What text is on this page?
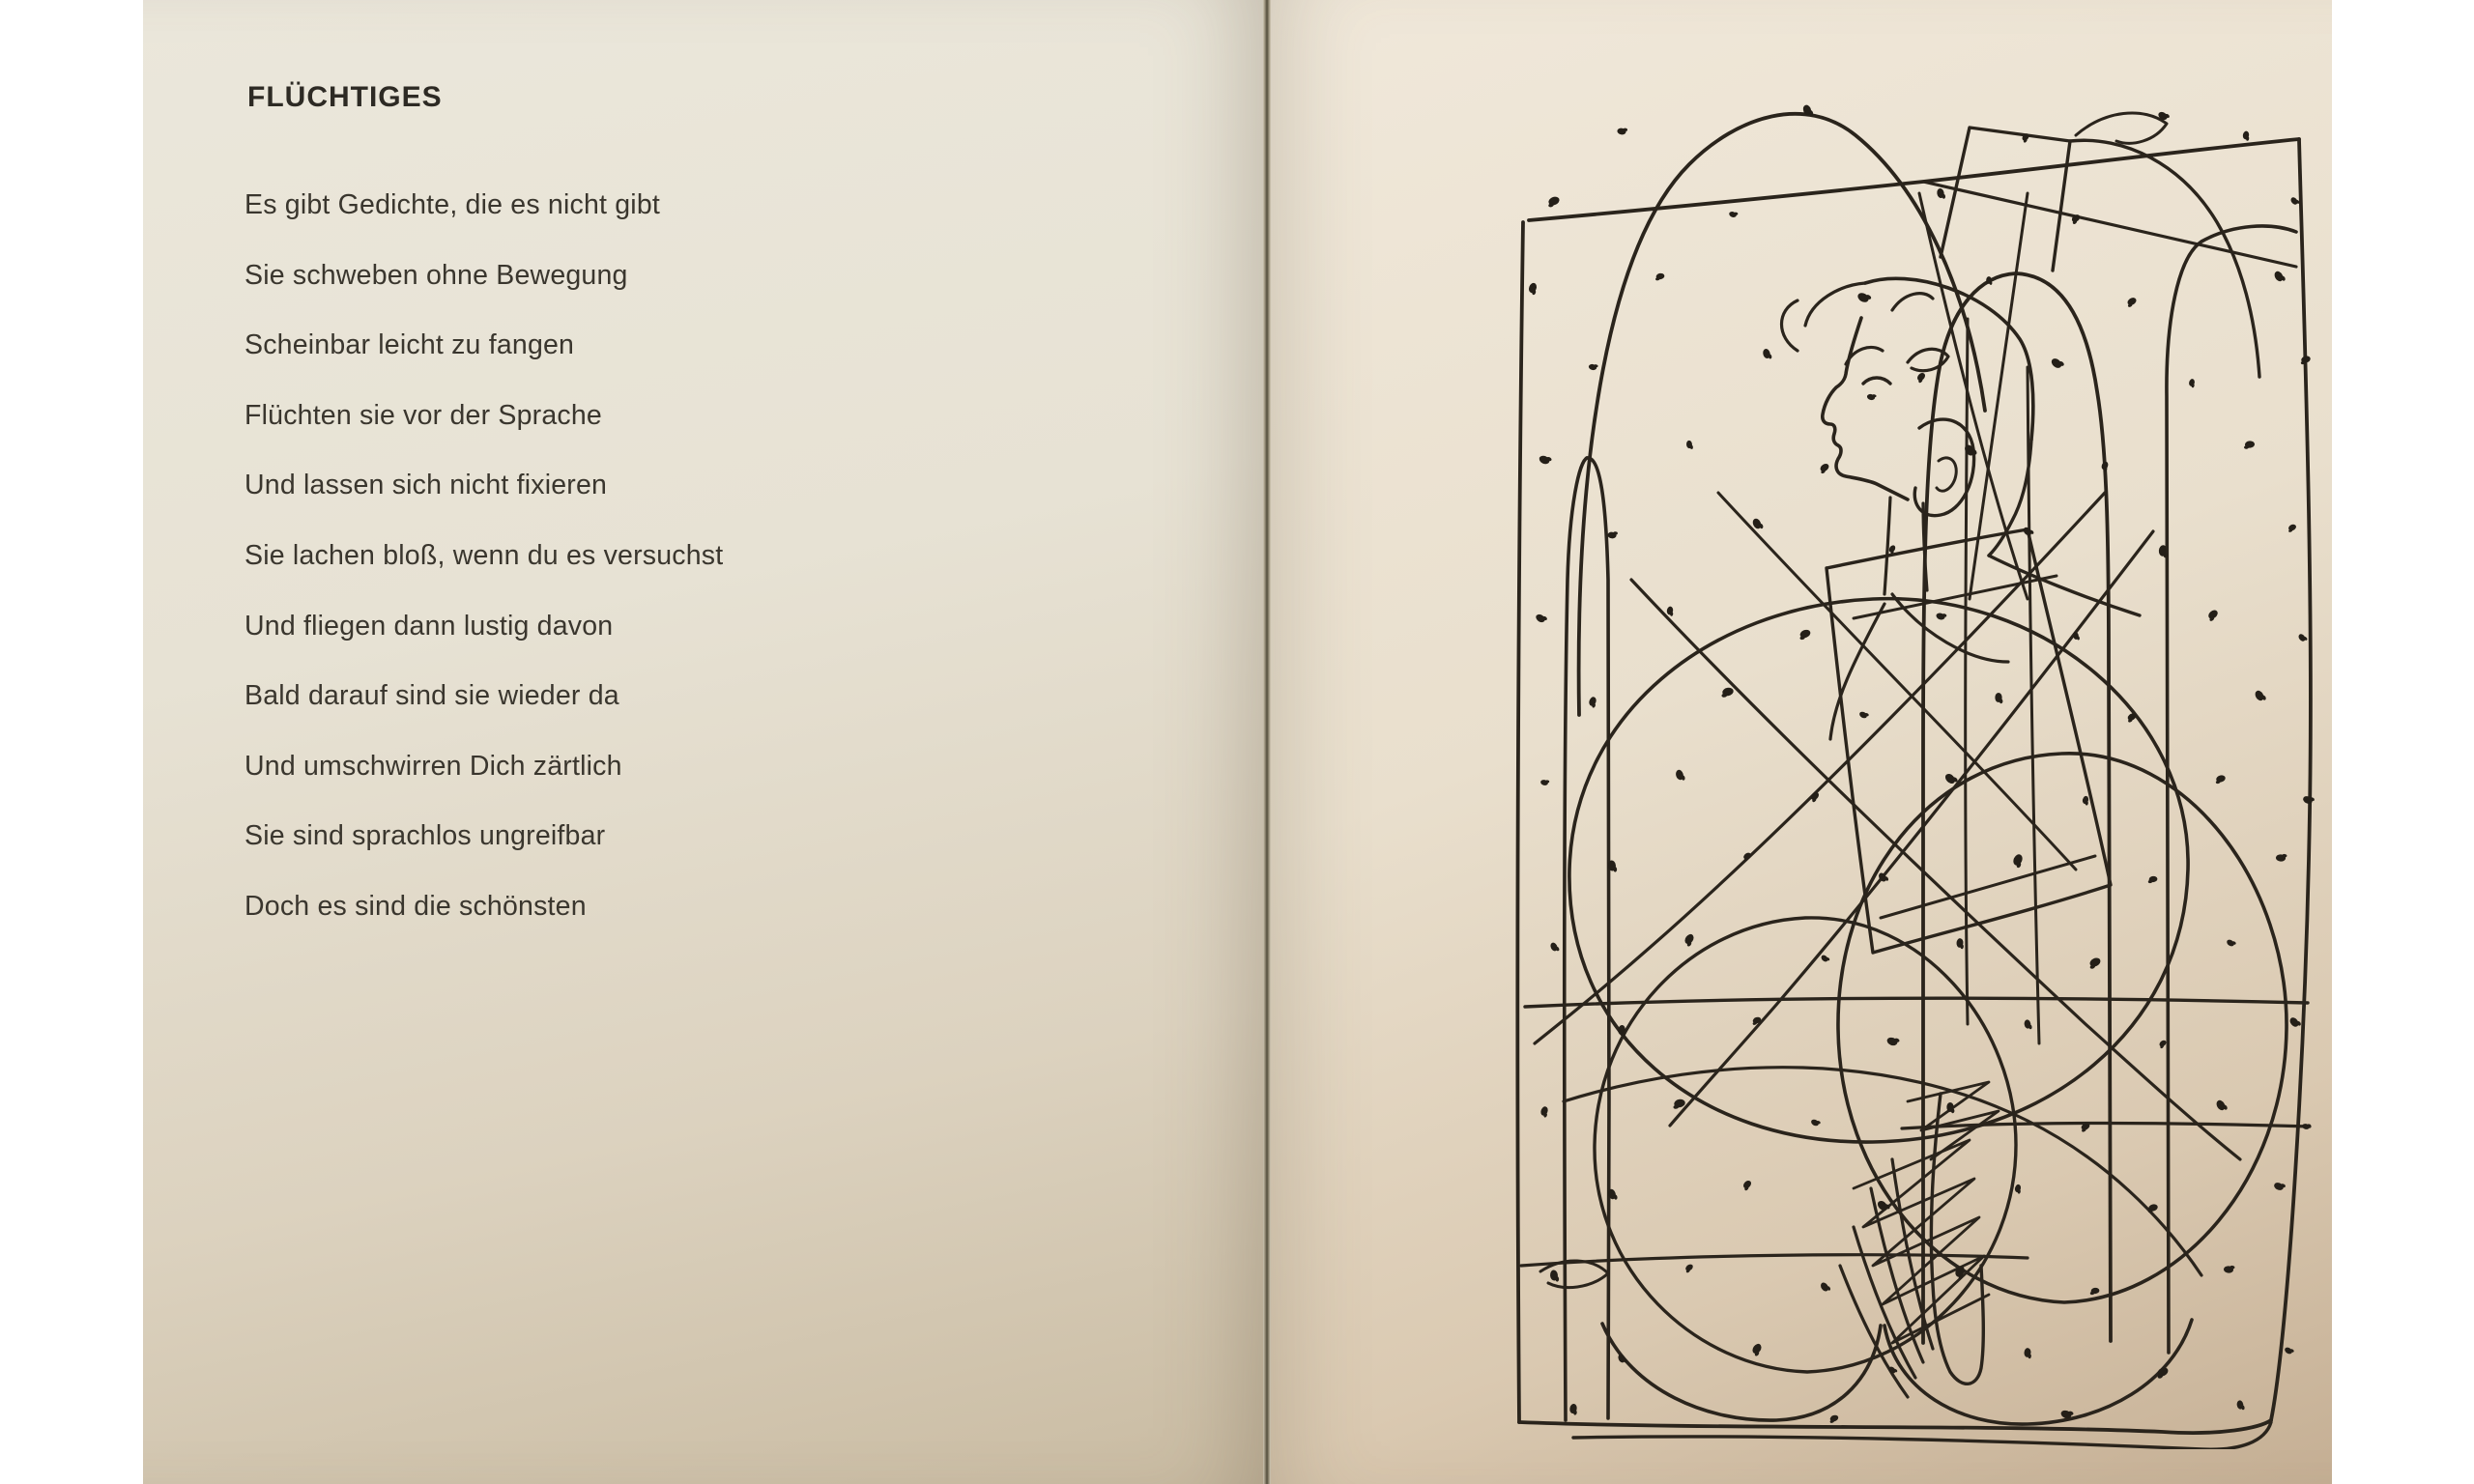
FLÜCHTIGES
Es gibt Gedichte, die es nicht gibt
Sie schweben ohne Bewegung
Scheinbar leicht zu fangen
Flüchten sie vor der Sprache
Und lassen sich nicht fixieren
Sie lachen bloß, wenn du es versuchst
Und fliegen dann lustig davon
Bald darauf sind sie wieder da
Und umschwirren Dich zärtlich
Sie sind sprachlos ungreifbar
Doch es sind die schönsten
